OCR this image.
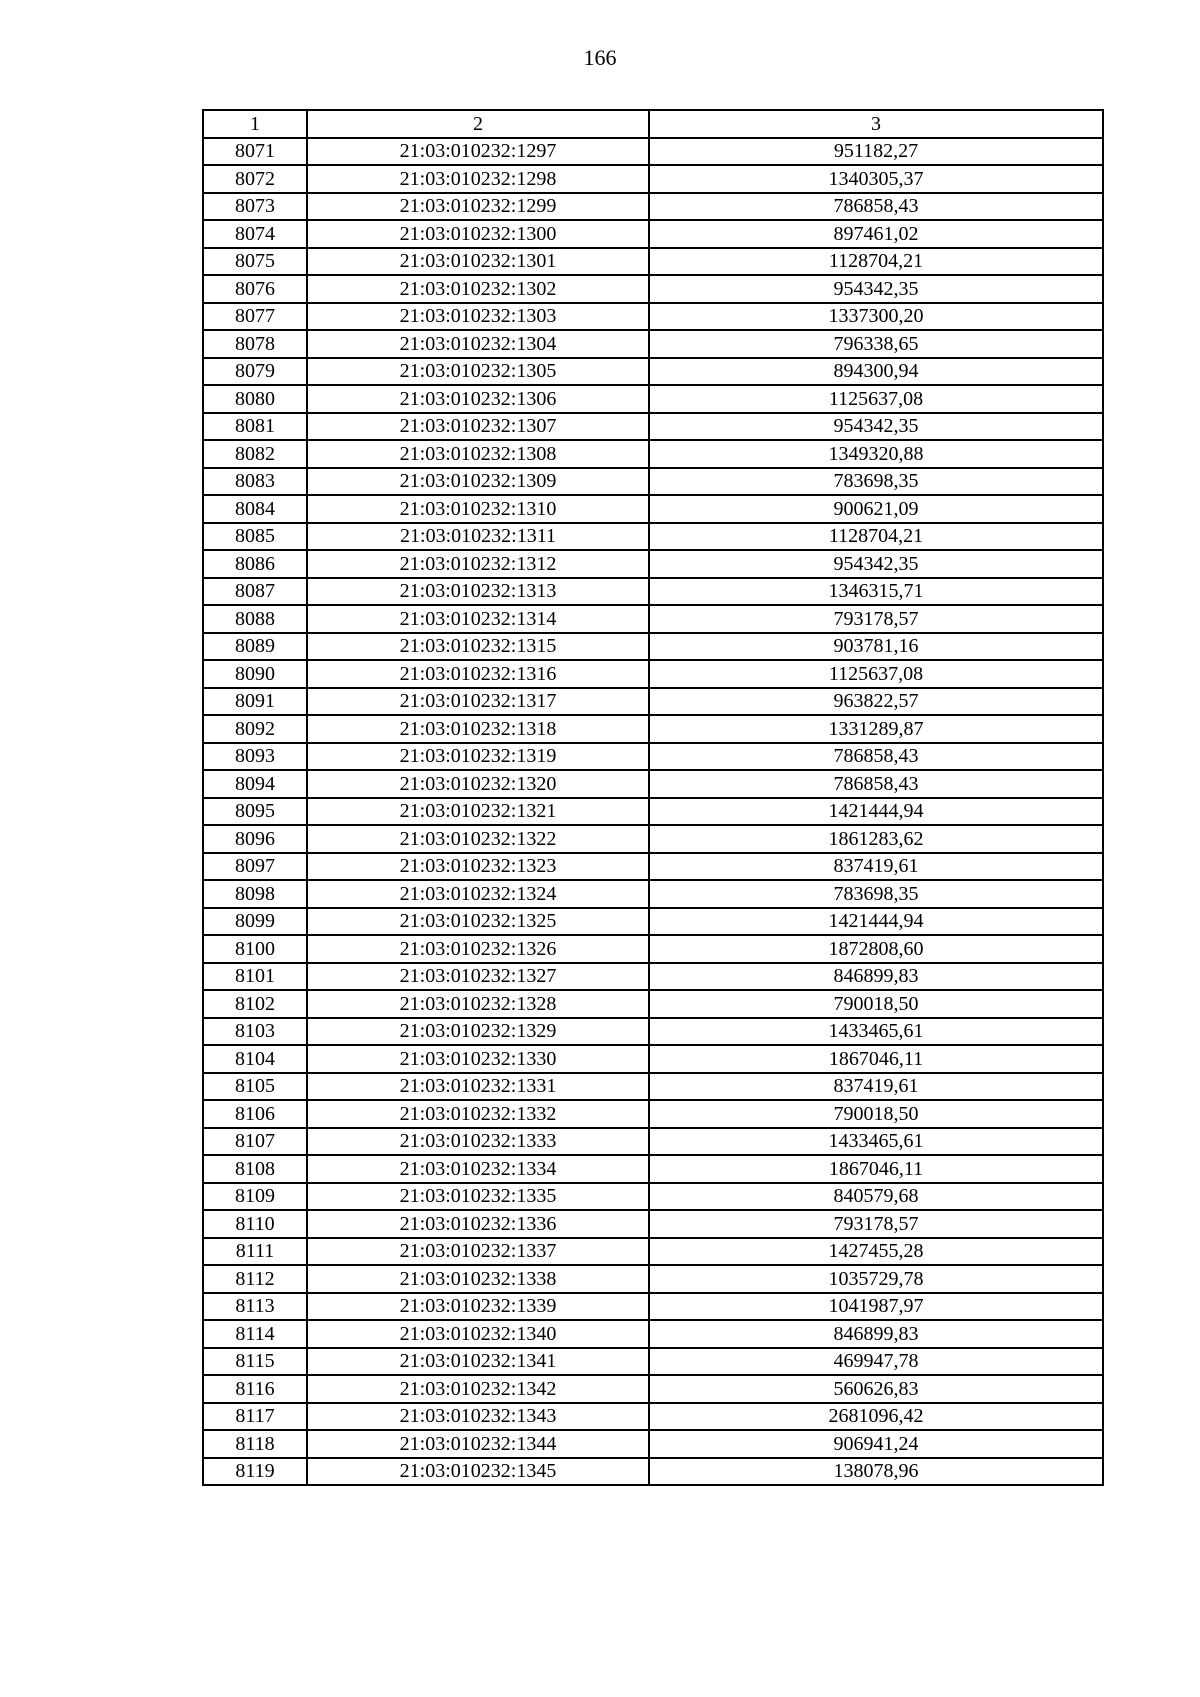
166
1	2	3
8071	21:03:010232:1297	951182,27
8072	21:03:010232:1298	1340305,37
8073	21:03:010232:1299	786858,43
8074	21:03:010232:1300	897461,02
8075	21:03:010232:1301	1128704,21
8076	21:03:010232:1302	954342,35
8077	21:03:010232:1303	1337300,20
8078	21:03:010232:1304	796338,65
8079	21:03:010232:1305	894300,94
8080	21:03:010232:1306	1125637,08
8081	21:03:010232:1307	954342,35
8082	21:03:010232:1308	1349320,88
8083	21:03:010232:1309	783698,35
8084	21:03:010232:1310	900621,09
8085	21:03:010232:1311	1128704,21
8086	21:03:010232:1312	954342,35
8087	21:03:010232:1313	1346315,71
8088	21:03:010232:1314	793178,57
8089	21:03:010232:1315	903781,16
8090	21:03:010232:1316	1125637,08
8091	21:03:010232:1317	963822,57
8092	21:03:010232:1318	1331289,87
8093	21:03:010232:1319	786858,43
8094	21:03:010232:1320	786858,43
8095	21:03:010232:1321	1421444,94
8096	21:03:010232:1322	1861283,62
8097	21:03:010232:1323	837419,61
8098	21:03:010232:1324	783698,35
8099	21:03:010232:1325	1421444,94
8100	21:03:010232:1326	1872808,60
8101	21:03:010232:1327	846899,83
8102	21:03:010232:1328	790018,50
8103	21:03:010232:1329	1433465,61
8104	21:03:010232:1330	1867046,11
8105	21:03:010232:1331	837419,61
8106	21:03:010232:1332	790018,50
8107	21:03:010232:1333	1433465,61
8108	21:03:010232:1334	1867046,11
8109	21:03:010232:1335	840579,68
8110	21:03:010232:1336	793178,57
8111	21:03:010232:1337	1427455,28
8112	21:03:010232:1338	1035729,78
8113	21:03:010232:1339	1041987,97
8114	21:03:010232:1340	846899,83
8115	21:03:010232:1341	469947,78
8116	21:03:010232:1342	560626,83
8117	21:03:010232:1343	2681096,42
8118	21:03:010232:1344	906941,24
8119	21:03:010232:1345	138078,96
